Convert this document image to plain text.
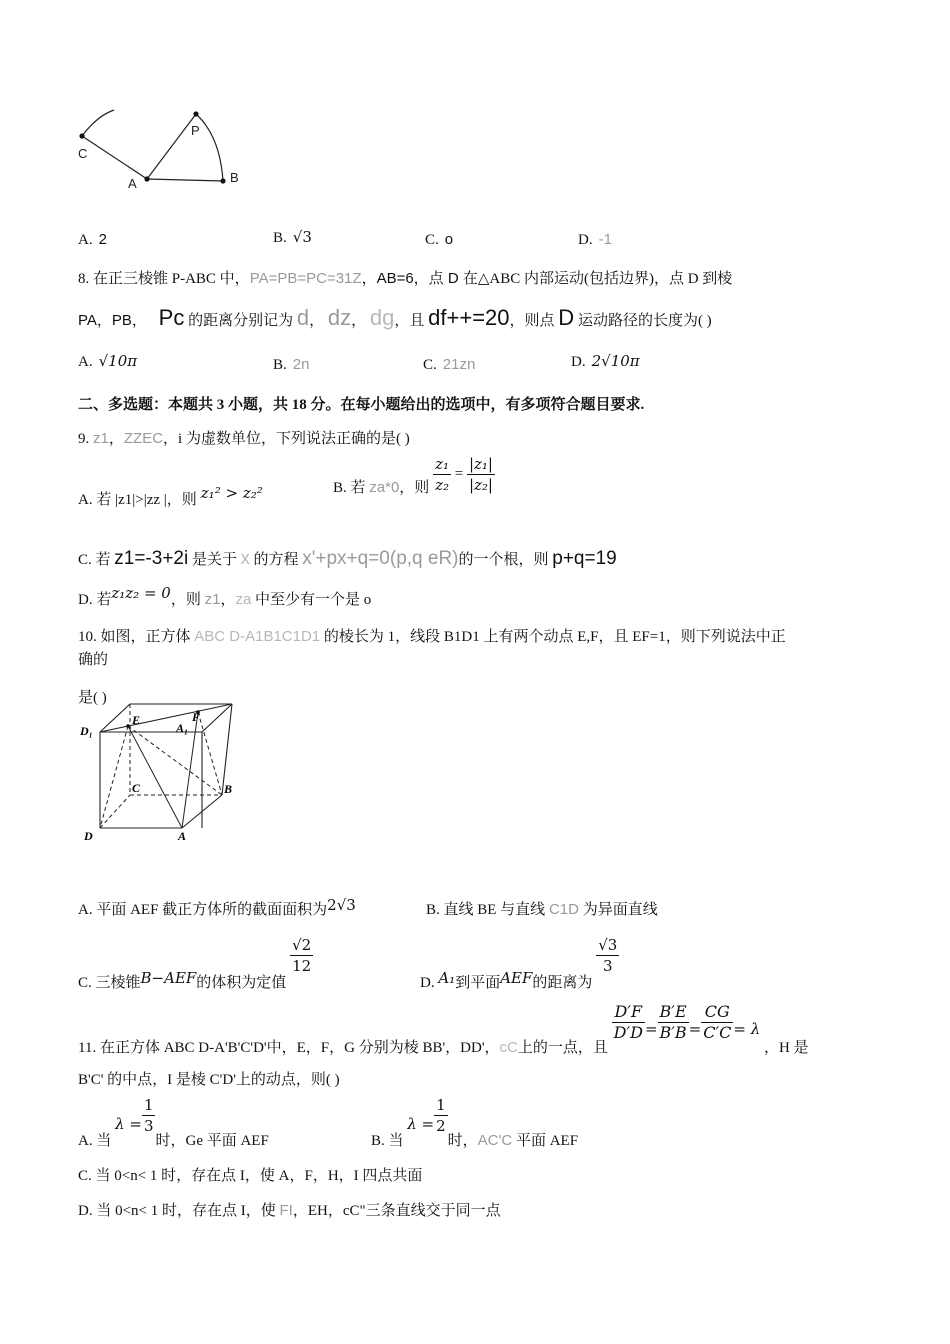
C
A
P
B
A. 2	B. √3	C. o	D. -1
8. 在正三棱锥 P-ABC 中，PA=PB=PC=31Z，AB=6，点 D 在△ABC 内部运动(包括边界)，点 D 到棱
PA，PB， Pc 的距离分别记为 d， dz， dg，且 df++=20，则点 D 运动路径的长度为( )
A. √10π	B. 2n	C. 21zn	D. 2√10π
二、多选题：本题共 3 小题，共 18 分。在每小题给出的选项中，有多项符合题目要求.
9. z1，ZZEC，i 为虚数单位，下列说法正确的是( )
A. 若 |z1|>|zz |，则 z₁² > z₂²	B. 若 za*0，则 $\frac{\text{z₁}}{\text{z₂}} = \frac{\text{|z₁|}}{\text{|z₂|}}$
C. 若 z1=-3+2i 是关于 x 的方程 x'+px+q=0(p,q eR)的一个根，则 p+q=19
D. 若z₁z₂ = 0，则 z1，za 中至少有一个是 o
10. 如图，正方体 ABC D-A1B1C1D1 的棱长为 1，线段 B1D1 上有两个动点 E,F，且 EF=1，则下列说法中正
确的
是( )
D₁
E	F
A₁
C	B
D	A
A. 平面 AEF 截正方体所的截面面积为2√3	B. 直线 BE 与直线 C1D 为异面直线
C. 三棱锥B−AEF的体积为定值
$\frac{√2}{12}$
D. A₁到平面AEF的距离为
$\frac{√3}{3}$
11. 在正方体 ABC D-A'B'C'D'中，E，F，G 分别为棱 BB'，DD'，cC上的一点，且
$\frac{D'F}{D'D} = \frac{B'E}{B'B} = \frac{CG}{C'C} = \lambda$ ，H 是
B'C' 的中点，I 是棱 C'D'上的动点，则( )
A. 当 $\lambda = \frac{1}{3}$
时，Ge 平面 AEF	B. 当 $\lambda = \frac{1}{2}$
时，AC'C 平面 AEF
C. 当 0<n< 1 时，存在点 I，使 A，F，H，I 四点共面
D. 当 0<n< 1 时，存在点 I，使 FI，EH，cC"三条直线交于同一点
